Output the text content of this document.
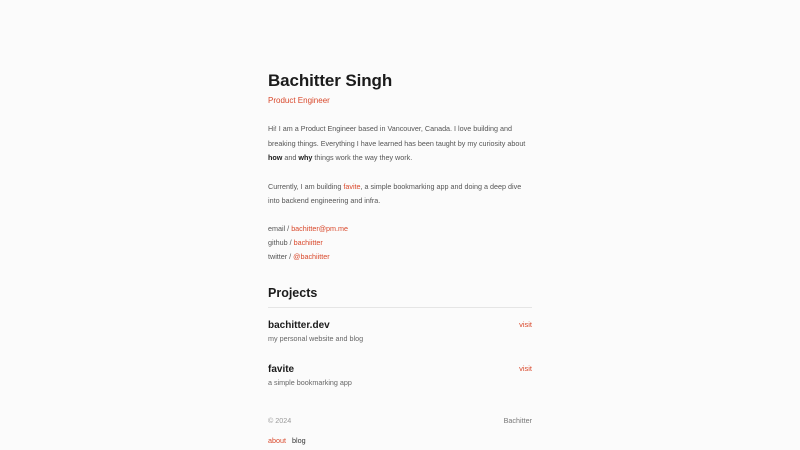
Bachitter Singh
Product Engineer

Hi! I am a Product Engineer based in Vancouver, Canada. I love building and breaking things. Everything I have learned has been taught by my curiosity about how and why things work the way they work.

Currently, I am building favite, a simple bookmarking app and doing a deep dive into backend engineering and infra.

email / bachitter@pm.me
github / bachiitter
twitter / @bachiitter
Projects
bachitter.dev
my personal website and blog
visit
favite
a simple bookmarking app
visit
© 2024	Bachitter
about blog
